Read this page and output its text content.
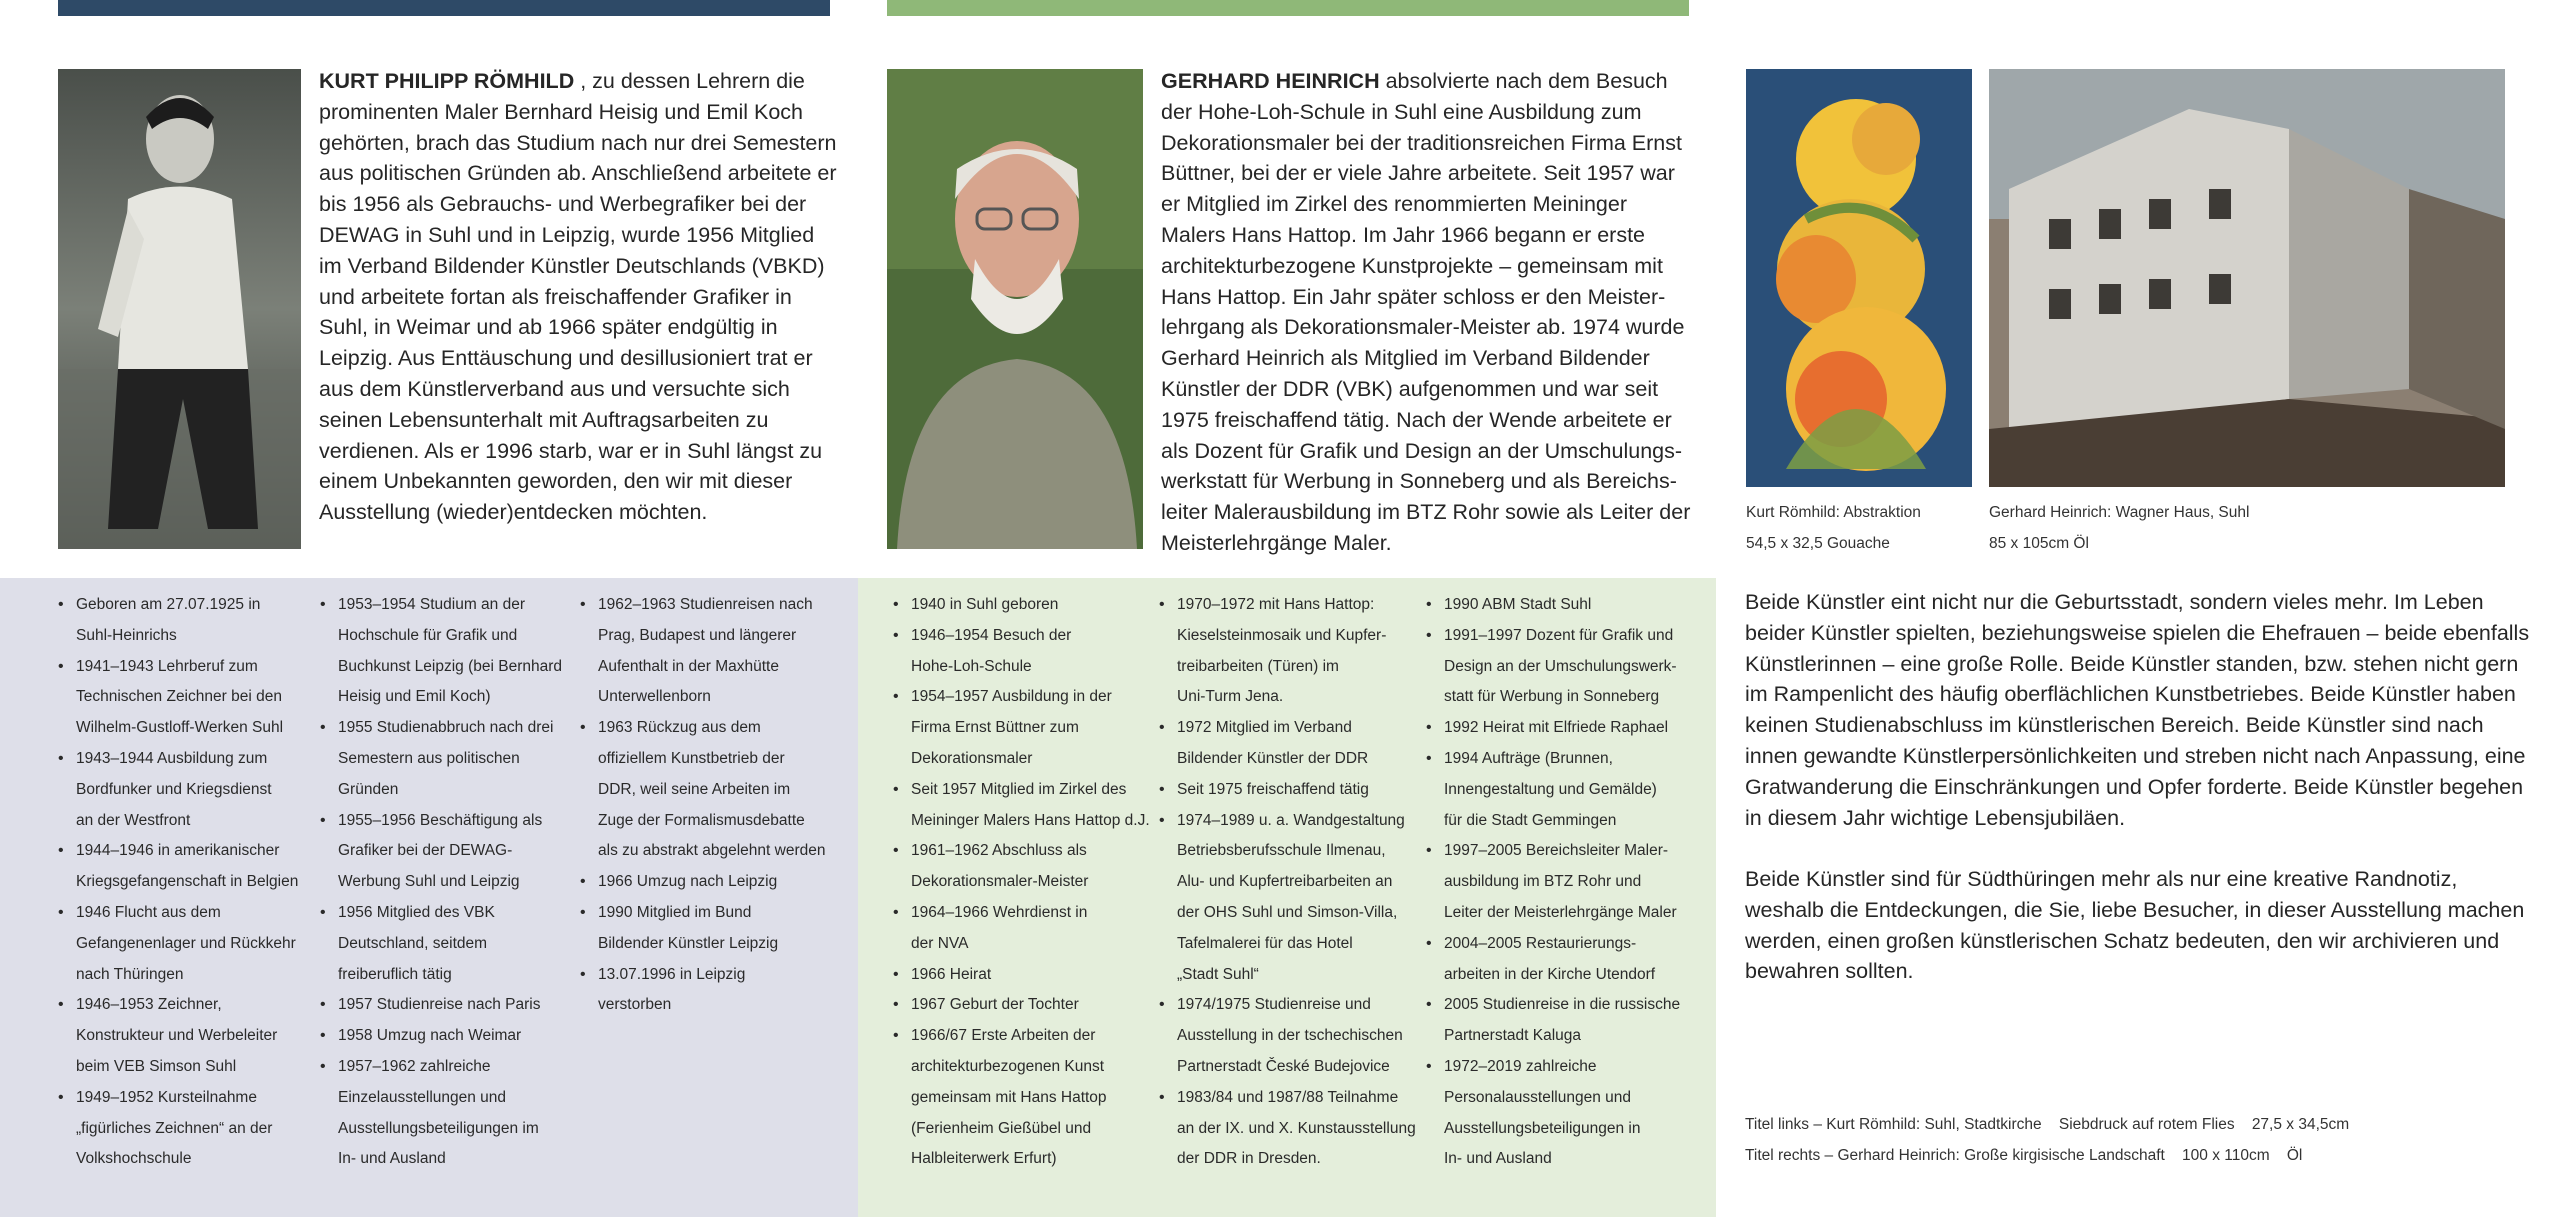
KURT PHILIPP RÖMHILD , zu dessen Lehrern die prominenten Maler Bernhard Heisig und Emil Koch gehörten, brach das Studium nach nur drei Semestern aus politischen Gründen ab. Anschließend arbeitete er bis 1956 als Gebrauchs- und Werbegrafiker bei der DEWAG in Suhl und in Leipzig, wurde 1956 Mitglied im Verband Bildender Künstler Deutschlands (VBKD) und arbeitete fortan als freischaffender Grafiker in Suhl, in Weimar und ab 1966 später endgültig in Leipzig. Aus Enttäuschung und desillusioniert trat er aus dem Künstlerverband aus und versuchte sich seinen Lebensunterhalt mit Auftragsarbeiten zu verdienen. Als er 1996 starb, war er in Suhl längst zu einem Unbekannten geworden, den wir mit dieser Ausstellung (wieder)entdecken möchten.
GERHARD HEINRICH absolvierte nach dem Besuch der Hohe-Loh-Schule in Suhl eine Ausbildung zum Dekorationsmaler bei der traditionsreichen Firma Ernst Büttner, bei der er viele Jahre arbeitete. Seit 1957 war er Mitglied im Zirkel des renommierten Meininger Malers Hans Hattop. Im Jahr 1966 begann er erste architekturbezogene Kunstprojekte – gemeinsam mit Hans Hattop. Ein Jahr später schloss er den Meisterlehrgang als Dekorationsmaler-Meister ab. 1974 wurde Gerhard Heinrich als Mitglied im Verband Bildender Künstler der DDR (VBK) aufgenommen und war seit 1975 freischaffend tätig. Nach der Wende arbeitete er als Dozent für Grafik und Design an der Umschulungswerkstatt für Werbung in Sonneberg und als Bereichsleiter Malerausbildung im BTZ Rohr sowie als Leiter der Meisterlehrgänge Maler.
Kurt Römhild: Abstraktion
54,5 x 32,5 Gouache
Gerhard Heinrich: Wagner Haus, Suhl
85 x 105cm Öl
• Geboren am 27.07.1925 in
Suhl-Heinrichs
• 1941–1943 Lehrberuf zum
Technischen Zeichner bei den
Wilhelm-Gustloff-Werken Suhl
• 1943–1944 Ausbildung zum
Bordfunker und Kriegsdienst
an der Westfront
• 1944–1946 in amerikanischer
Kriegsgefangenschaft in Belgien
• 1946 Flucht aus dem
Gefangenenlager und Rückkehr
nach Thüringen
• 1946–1953 Zeichner,
Konstrukteur und Werbeleiter
beim VEB Simson Suhl
• 1949–1952 Kursteilnahme
„figürliches Zeichnen“ an der
Volkshochschule
• 1953–1954 Studium an der
Hochschule für Grafik und
Buchkunst Leipzig (bei Bernhard
Heisig und Emil Koch)
• 1955 Studienabbruch nach drei
Semestern aus politischen
Gründen
• 1955–1956 Beschäftigung als
Grafiker bei der DEWAG-
Werbung Suhl und Leipzig
• 1956 Mitglied des VBK
Deutschland, seitdem
freiberuflich tätig
• 1957 Studienreise nach Paris
• 1958 Umzug nach Weimar
• 1957–1962 zahlreiche
Einzelausstellungen und
Ausstellungsbeteiligungen im
In- und Ausland
• 1962–1963 Studienreisen nach
Prag, Budapest und längerer
Aufenthalt in der Maxhütte
Unterwellenborn
• 1963 Rückzug aus dem
offiziellem Kunstbetrieb der
DDR, weil seine Arbeiten im
Zuge der Formalismusdebatte
als zu abstrakt abgelehnt werden
• 1966 Umzug nach Leipzig
• 1990 Mitglied im Bund
Bildender Künstler Leipzig
• 13.07.1996 in Leipzig
verstorben
• 1940 in Suhl geboren
• 1946–1954 Besuch der
Hohe-Loh-Schule
• 1954–1957 Ausbildung in der
Firma Ernst Büttner zum
Dekorationsmaler
• Seit 1957 Mitglied im Zirkel des
Meininger Malers Hans Hattop d.J.
• 1961–1962 Abschluss als
Dekorationsmaler-Meister
• 1964–1966 Wehrdienst in
der NVA
• 1966 Heirat
• 1967 Geburt der Tochter
• 1966/67 Erste Arbeiten der
architekturbezogenen Kunst
gemeinsam mit Hans Hattop
(Ferienheim Gießübel und
Halbleiterwerk Erfurt)
• 1970–1972 mit Hans Hattop:
Kieselsteinmosaik und Kupfer-
treibarbeiten (Türen) im
Uni-Turm Jena.
• 1972 Mitglied im Verband
Bildender Künstler der DDR
• Seit 1975 freischaffend tätig
• 1974–1989 u. a. Wandgestaltung
Betriebsberufsschule Ilmenau,
Alu- und Kupfertreibarbeiten an
der OHS Suhl und Simson-Villa,
Tafelmalerei für das Hotel
„Stadt Suhl“
• 1974/1975 Studienreise und
Ausstellung in der tschechischen
Partnerstadt České Budejovice
• 1983/84 und 1987/88 Teilnahme
an der IX. und X. Kunstausstellung
der DDR in Dresden.
• 1990 ABM Stadt Suhl
• 1991–1997 Dozent für Grafik und
Design an der Umschulungswerk-
statt für Werbung in Sonneberg
• 1992 Heirat mit Elfriede Raphael
• 1994 Aufträge (Brunnen,
Innengestaltung und Gemälde)
für die Stadt Gemmingen
• 1997–2005 Bereichsleiter Maler-
ausbildung im BTZ Rohr und
Leiter der Meisterlehrgänge Maler
• 2004–2005 Restaurierungs-
arbeiten in der Kirche Utendorf
• 2005 Studienreise in die russische
Partnerstadt Kaluga
• 1972–2019 zahlreiche
Personalausstellungen und
Ausstellungsbeteiligungen in
In- und Ausland
Beide Künstler eint nicht nur die Geburtsstadt, sondern vieles mehr. Im Leben beider Künstler spielten, beziehungsweise spielen die Ehefrauen – beide ebenfalls Künstlerinnen – eine große Rolle. Beide Künstler standen, bzw. stehen nicht gern im Rampenlicht des häufig oberflächlichen Kunstbetriebes. Beide Künstler haben keinen Studienabschluss im künstlerischen Bereich. Beide Künstler sind nach innen gewandte Künstlerpersönlichkeiten und streben nicht nach Anpassung, eine Gratwanderung die Einschränkungen und Opfer forderte. Beide Künstler begehen in diesem Jahr wichtige Lebensjubiläen.
Beide Künstler sind für Südthüringen mehr als nur eine kreative Randnotiz, weshalb die Entdeckungen, die Sie, liebe Besucher, in dieser Ausstellung machen werden, einen großen künstlerischen Schatz bedeuten, den wir archivieren und bewahren sollten.
Titel links – Kurt Römhild: Suhl, Stadtkirche    Siebdruck auf rotem Flies    27,5 x 34,5cm
Titel rechts – Gerhard Heinrich: Große kirgisische Landschaft    100 x 110cm    Öl
